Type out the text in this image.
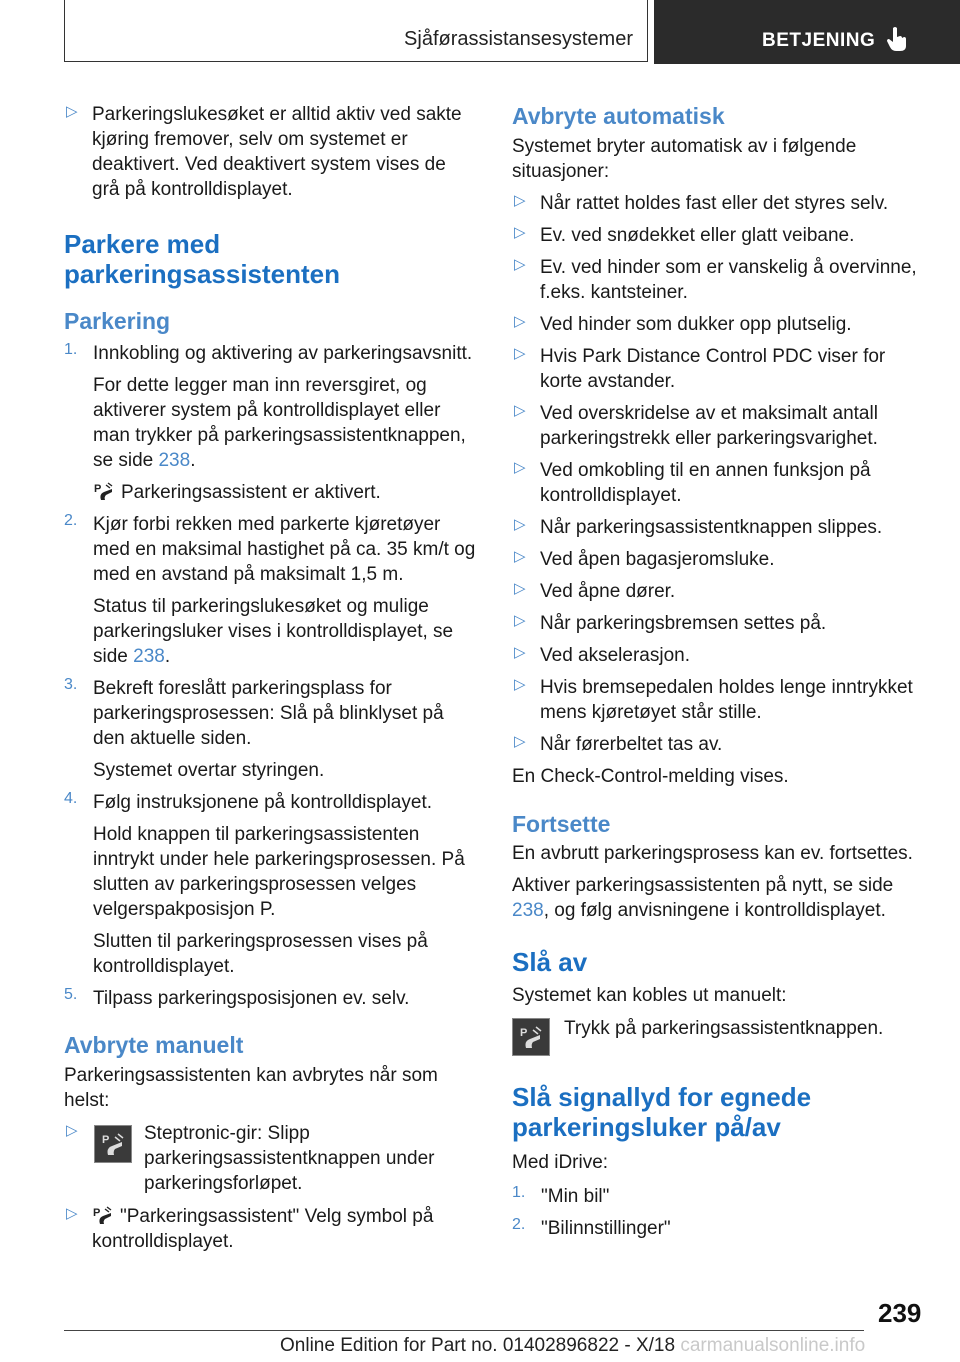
Sjåførassistansesystemer	BETJENING
▷ Parkeringslukesøket er alltid aktiv ved sakte kjøring fremover, selv om systemet er deaktivert. Ved deaktivert system vises de grå på kontrolldisplayet.

Parkere med parkeringsassistenten
Parkering
1. Innkobling og aktivering av parkeringsavsnitt.

For dette legger man inn reversgiret, og aktiverer system på kontrolldisplayet eller man trykker på parkeringsassistentknappen, se side 238.

P Parkeringsassistent er aktivert.

2. Kjør forbi rekken med parkerte kjøretøyer med en maksimal hastighet på ca. 35 km/t og med en avstand på maksimalt 1,5 m.

Status til parkeringslukesøket og mulige parkeringsluker vises i kontrolldisplayet, se side 238.

3. Bekreft foreslått parkeringsplass for parkeringsprosessen: Slå på blinklyset på den aktuelle siden.

Systemet overtar styringen.

4. Følg instruksjonene på kontrolldisplayet.

Hold knappen til parkeringsassistenten inntrykt under hele parkeringsprosessen. På slutten av parkeringsprosessen velges velgerspakposisjon P.

Slutten til parkeringsprosessen vises på kontrolldisplayet.

5. Tilpass parkeringsposisjonen ev. selv.

Avbryte manuelt

Parkeringsassistenten kan avbrytes når som helst:

▷
P Steptronic-gir: Slipp parkeringsassistentknappen under parkeringsforløpet.

▷ P "Parkeringsassistent" Velg symbol på kontrolldisplayet.

Avbryte automatisk

Systemet bryter automatisk av i følgende situasjoner:

▷ Når rattet holdes fast eller det styres selv.

▷ Ev. ved snødekket eller glatt veibane.

▷ Ev. ved hinder som er vanskelig å overvinne, f.eks. kantsteiner.

▷ Ved hinder som dukker opp plutselig.

▷ Hvis Park Distance Control PDC viser for korte avstander.

▷ Ved overskridelse av et maksimalt antall parkeringstrekk eller parkeringsvarighet.

▷ Ved omkobling til en annen funksjon på kontrolldisplayet.

▷ Når parkeringsassistentknappen slippes.

▷ Ved åpen bagasjeromsluke.

▷ Ved åpne dører.

▷ Når parkeringsbremsen settes på.

▷ Ved akselerasjon.

▷ Hvis bremsepedalen holdes lenge inntrykket mens kjøretøyet står stille.

▷ Når førerbeltet tas av.

En Check-Control-melding vises.

Fortsette

En avbrutt parkeringsprosess kan ev. fortsettes.

Aktiver parkeringsassistenten på nytt, se side 238, og følg anvisningene i kontrolldisplayet.

Slå av

Systemet kan kobles ut manuelt:

P Trykk på parkeringsassistentknappen.

Slå signallyd for egnede parkeringsluker på/av

Med iDrive:

1. "Min bil"

2. "Bilinnstillinger"

239
Online Edition for Part no. 01402896822 - X/18 carmanualsonline.info
